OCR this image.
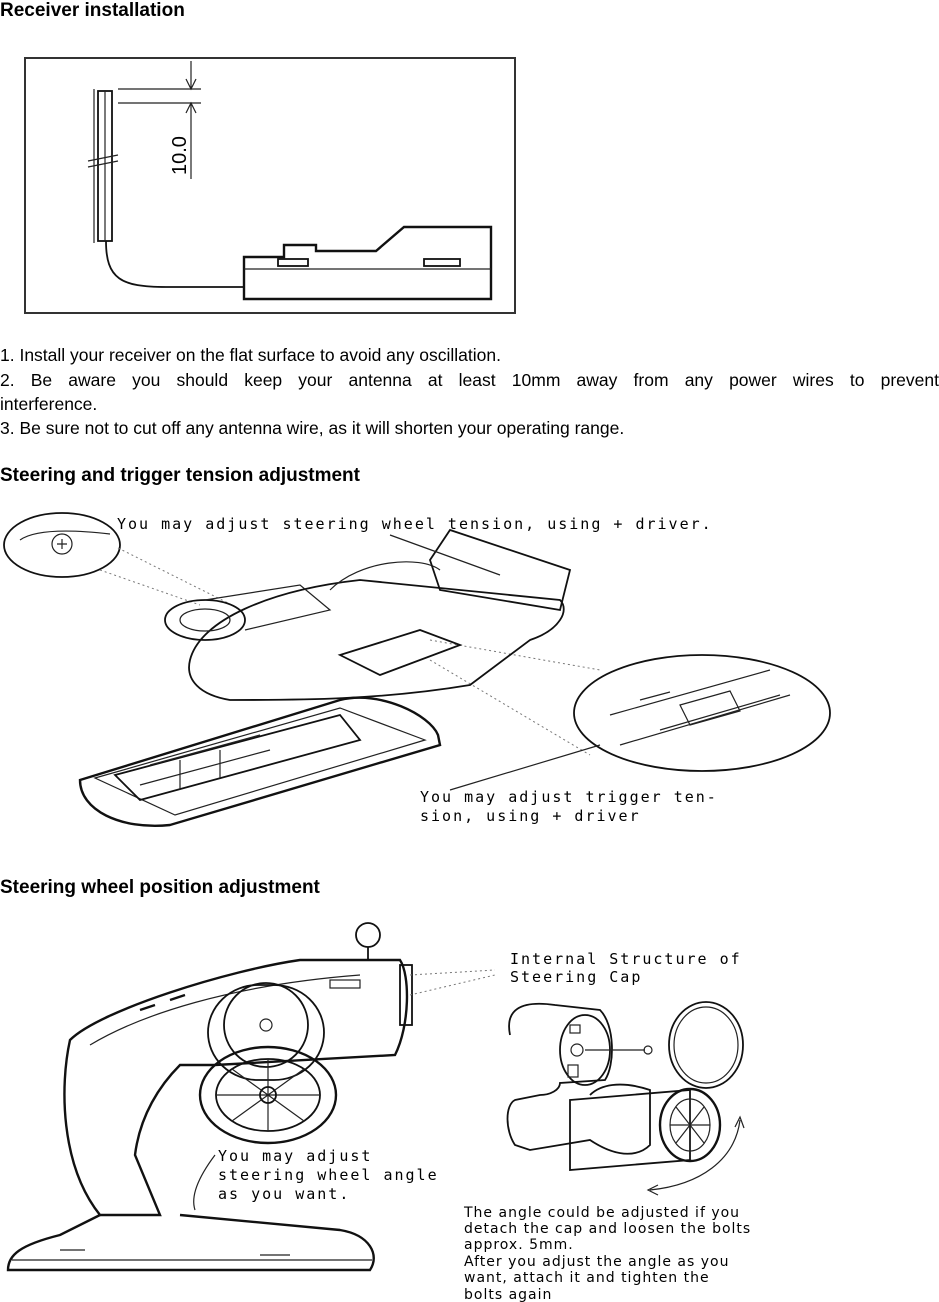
Receiver installation
10.0
1. Install your receiver on the flat surface to avoid any oscillation.
2. Be aware you should keep your antenna at least 10mm away from any power wires to prevent
interference.
3. Be sure not to cut off any antenna wire, as it will shorten your operating range.
Steering and trigger tension adjustment
You may adjust steering wheel tension, using + driver.
You may adjust trigger ten-
sion, using + driver
Steering wheel position adjustment
Internal Structure of
Steering Cap
You may adjust
steering wheel angle
as you want.
The angle could be adjusted if you
detach the cap and loosen the bolts
approx. 5mm.
After you adjust the angle as you
want, attach it and tighten the
bolts again
